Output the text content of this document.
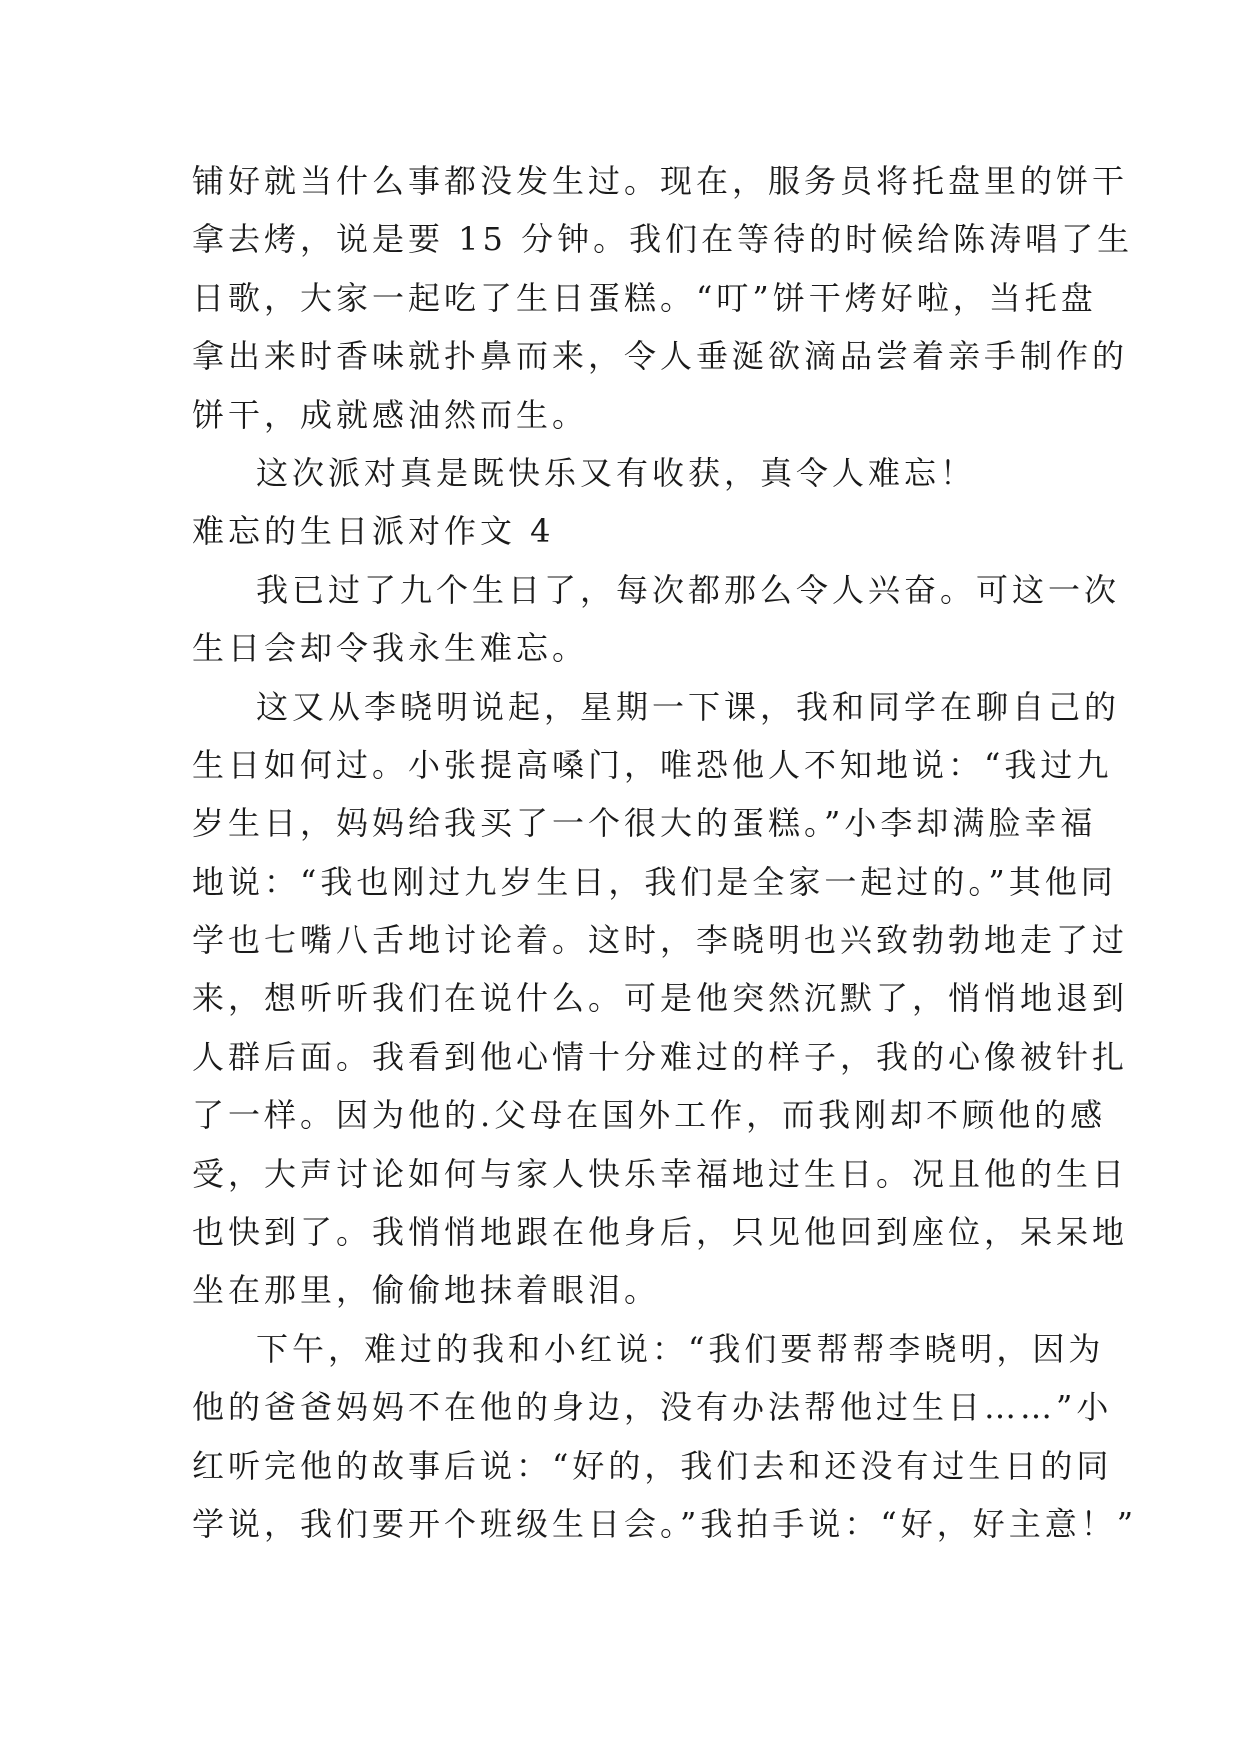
铺好就当什么事都没发生过。现在，服务员将托盘里的饼干
拿去烤，说是要 15 分钟。我们在等待的时候给陈涛唱了生
日歌，大家一起吃了生日蛋糕。“叮”饼干烤好啦，当托盘
拿出来时香味就扑鼻而来，令人垂涎欲滴品尝着亲手制作的
饼干，成就感油然而生。
这次派对真是既快乐又有收获，真令人难忘！
难忘的生日派对作文 4
我已过了九个生日了，每次都那么令人兴奋。可这一次
生日会却令我永生难忘。
这又从李晓明说起，星期一下课，我和同学在聊自己的
生日如何过。小张提高嗓门，唯恐他人不知地说：“我过九
岁生日，妈妈给我买了一个很大的蛋糕。”小李却满脸幸福
地说：“我也刚过九岁生日，我们是全家一起过的。”其他同
学也七嘴八舌地讨论着。这时，李晓明也兴致勃勃地走了过
来，想听听我们在说什么。可是他突然沉默了，悄悄地退到
人群后面。我看到他心情十分难过的样子，我的心像被针扎
了一样。因为他的.父母在国外工作，而我刚却不顾他的感
受，大声讨论如何与家人快乐幸福地过生日。况且他的生日
也快到了。我悄悄地跟在他身后，只见他回到座位，呆呆地
坐在那里，偷偷地抹着眼泪。
下午，难过的我和小红说：“我们要帮帮李晓明，因为
他的爸爸妈妈不在他的身边，没有办法帮他过生日……”小
红听完他的故事后说：“好的，我们去和还没有过生日的同
学说，我们要开个班级生日会。”我拍手说：“好，好主意！”
